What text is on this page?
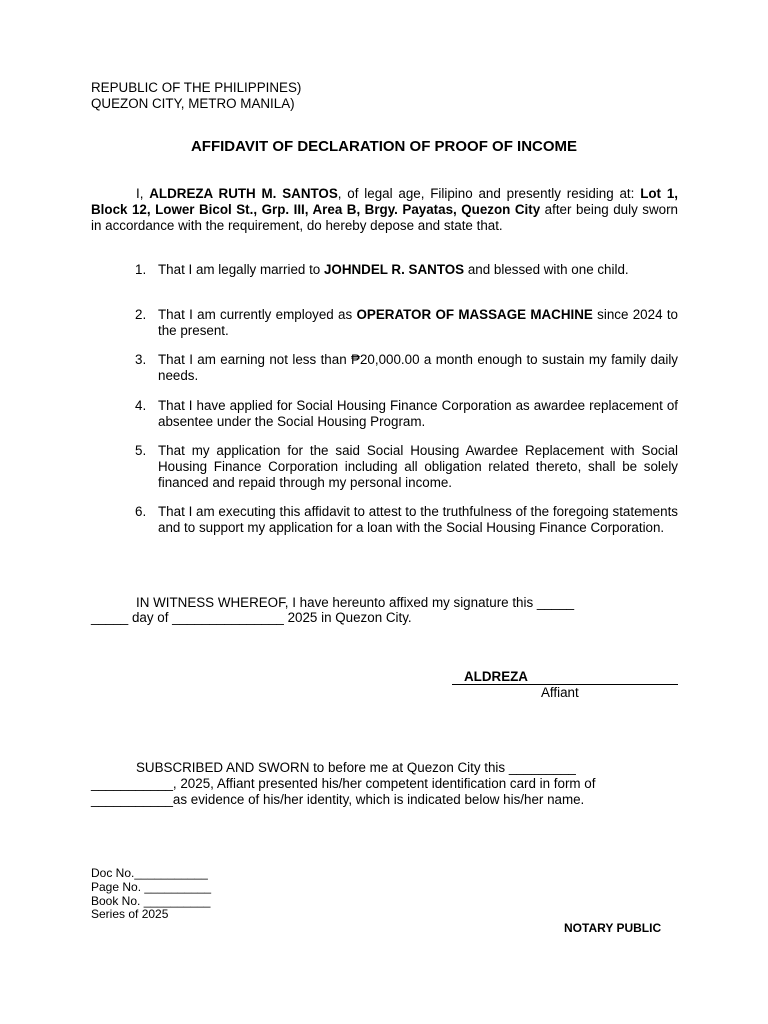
REPUBLIC OF THE PHILIPPINES)
QUEZON CITY, METRO MANILA)
AFFIDAVIT OF DECLARATION OF PROOF OF INCOME
I, ALDREZA RUTH M. SANTOS, of legal age, Filipino and presently residing at: Lot 1, Block 12, Lower Bicol St., Grp. III, Area B, Brgy. Payatas, Quezon City after being duly sworn in accordance with the requirement, do hereby depose and state that.
1. That I am legally married to JOHNDEL R. SANTOS and blessed with one child.
2. That I am currently employed as OPERATOR OF MASSAGE MACHINE since 2024 to the present.
3. That I am earning not less than ₱20,000.00 a month enough to sustain my family daily needs.
4. That I have applied for Social Housing Finance Corporation as awardee replacement of absentee under the Social Housing Program.
5. That my application for the said Social Housing Awardee Replacement with Social Housing Finance Corporation including all obligation related thereto, shall be solely financed and repaid through my personal income.
6. That I am executing this affidavit to attest to the truthfulness of the foregoing statements and to support my application for a loan with the Social Housing Finance Corporation.
IN WITNESS WHEREOF, I have hereunto affixed my signature this _____
_____ day of _______________ 2025 in Quezon City.
ALDREZA
Affiant
SUBSCRIBED AND SWORN to before me at Quezon City this _________
___________, 2025, Affiant presented his/her competent identification card in form of
___________as evidence of his/her identity, which is indicated below his/her name.
Doc No.___________
Page No. __________
Book No. __________
Series of 2025
NOTARY PUBLIC
